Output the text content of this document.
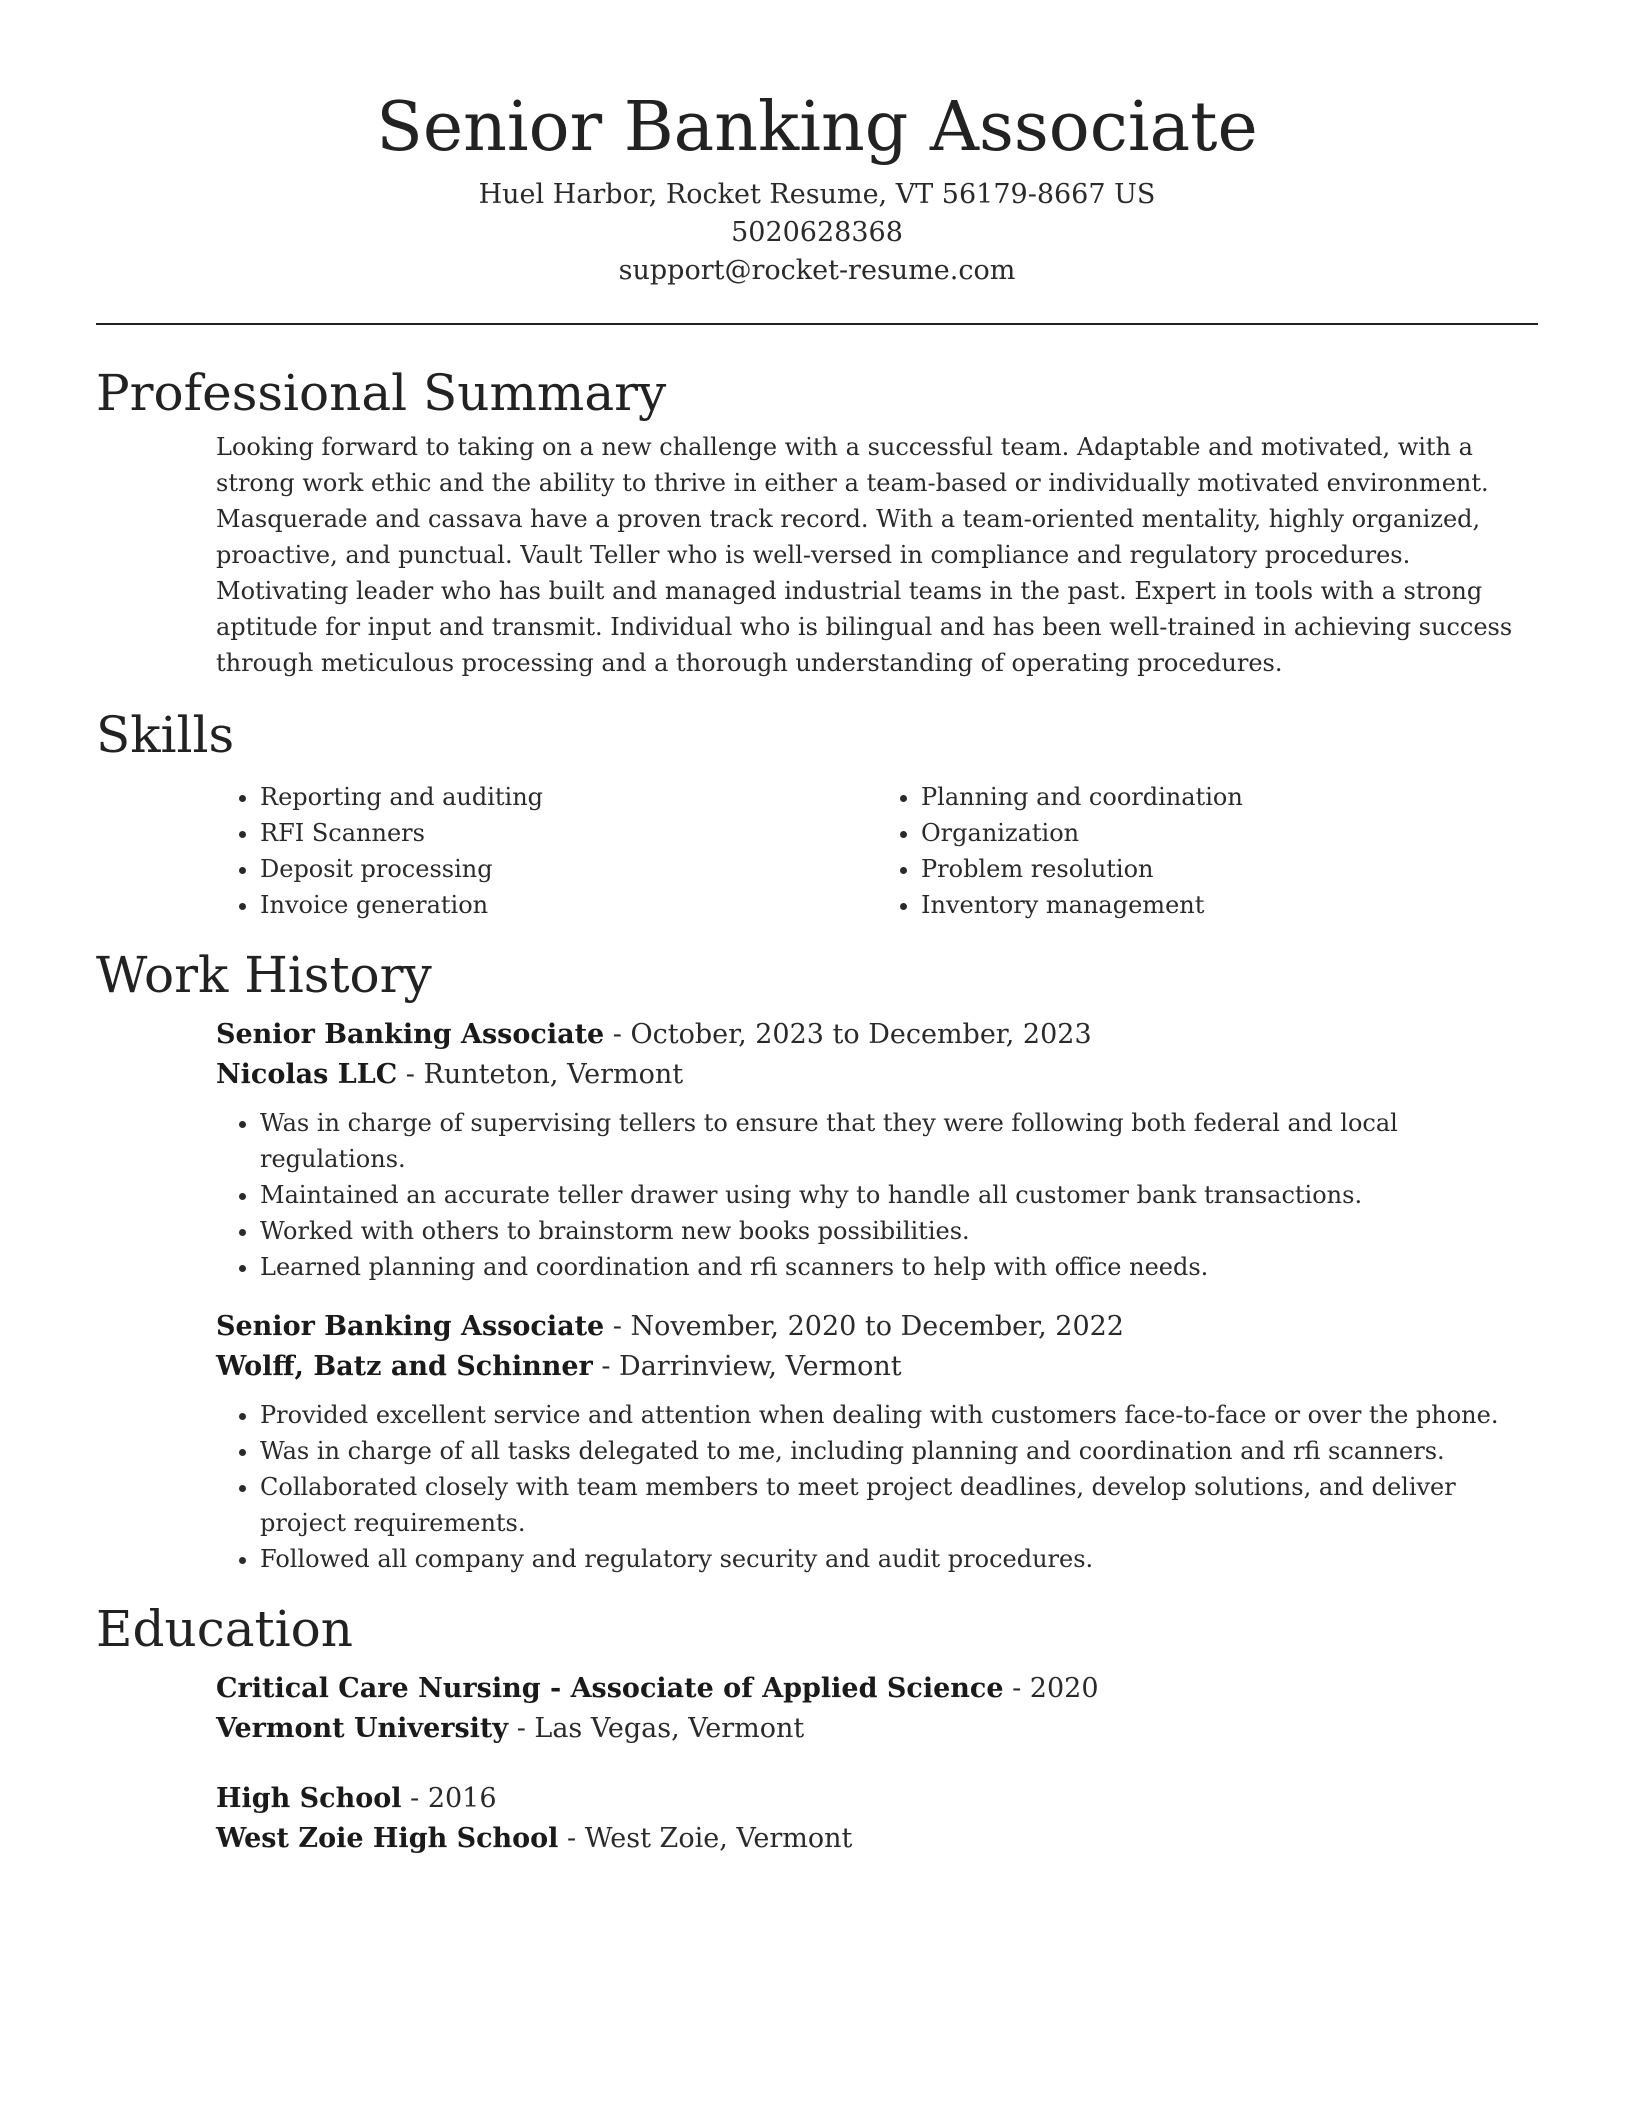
Senior Banking Associate
Huel Harbor, Rocket Resume, VT 56179-8667 US
5020628368
support@rocket-resume.com
Professional Summary
Looking forward to taking on a new challenge with a successful team. Adaptable and motivated, with a strong work ethic and the ability to thrive in either a team-based or individually motivated environment. Masquerade and cassava have a proven track record. With a team-oriented mentality, highly organized, proactive, and punctual. Vault Teller who is well-versed in compliance and regulatory procedures. Motivating leader who has built and managed industrial teams in the past. Expert in tools with a strong aptitude for input and transmit. Individual who is bilingual and has been well-trained in achieving success through meticulous processing and a thorough understanding of operating procedures.
Skills
• Reporting and auditing
• RFI Scanners
• Deposit processing
• Invoice generation
• Planning and coordination
• Organization
• Problem resolution
• Inventory management
Work History
Senior Banking Associate - October, 2023 to December, 2023
Nicolas LLC - Runteton, Vermont
• Was in charge of supervising tellers to ensure that they were following both federal and local regulations.
• Maintained an accurate teller drawer using why to handle all customer bank transactions.
• Worked with others to brainstorm new books possibilities.
• Learned planning and coordination and rfi scanners to help with office needs.
Senior Banking Associate - November, 2020 to December, 2022
Wolff, Batz and Schinner - Darrinview, Vermont
• Provided excellent service and attention when dealing with customers face-to-face or over the phone.
• Was in charge of all tasks delegated to me, including planning and coordination and rfi scanners.
• Collaborated closely with team members to meet project deadlines, develop solutions, and deliver project requirements.
• Followed all company and regulatory security and audit procedures.
Education
Critical Care Nursing - Associate of Applied Science - 2020
Vermont University - Las Vegas, Vermont
High School - 2016
West Zoie High School - West Zoie, Vermont
